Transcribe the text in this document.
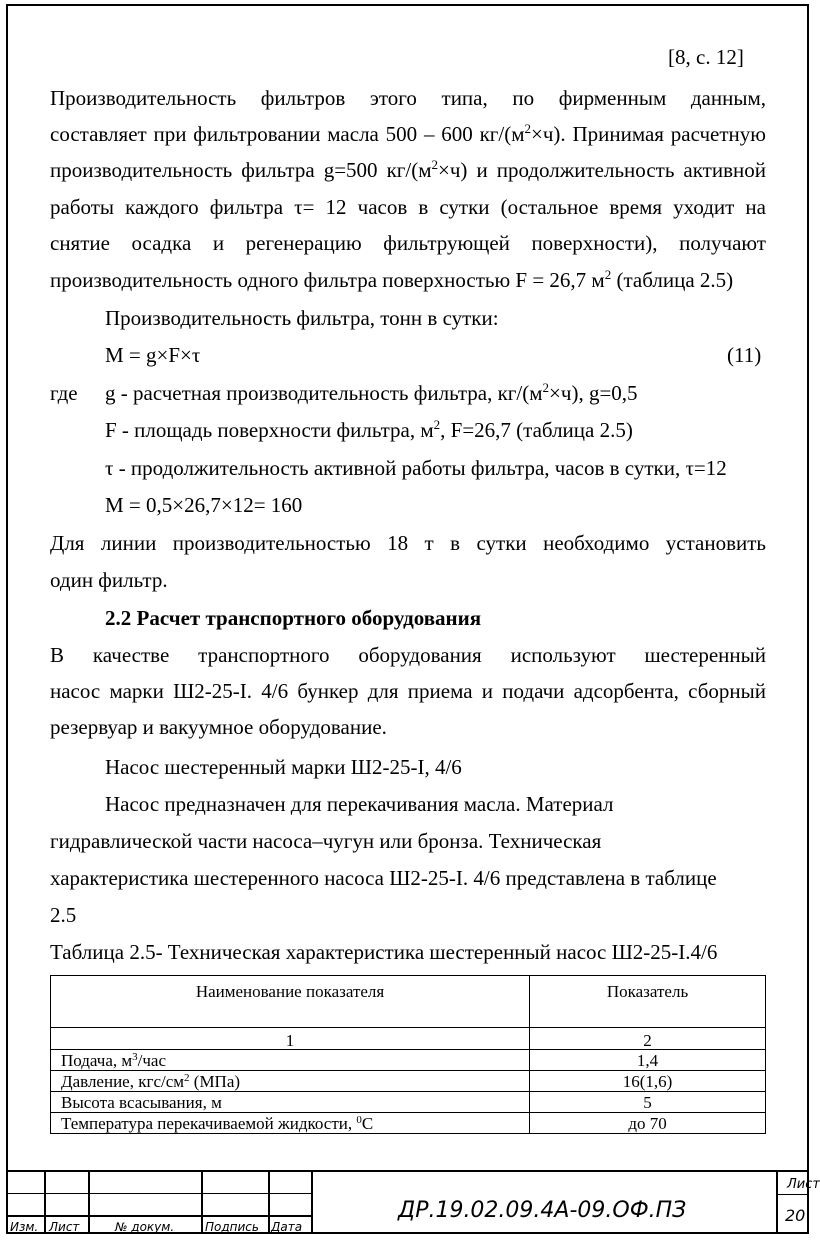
[8, с. 12]
Производительность фильтров этого типа, по фирменным данным,
составляет при фильтровании масла 500 – 600 $кг/(м^2\times ч)$. Принимая расчетную
производительность фильтра g=500 $кг/(м^2\times ч)$ и продолжительность активной
работы каждого фильтра τ= 12 часов в сутки (остальное время уходит на
снятие осадка и регенерацию фильтрующей поверхности), получают
производительность одного фильтра поверхностью F = 26,7 $м^2$ (таблица 2.5)
Производительность фильтра, тонн в сутки:
M = g×F×τ	(11)
где g - расчетная производительность фильтра, $кг/(м^2\times ч)$, g=0,5
F - площадь поверхности фильтра, $м^2$, F=26,7 (таблица 2.5)
τ - продолжительность активной работы фильтра, часов в сутки, τ=12
М = 0,5×26,7×12= 160
Для линии производительностью 18 т в сутки необходимо установить
один фильтр.
2.2 Расчет транспортного оборудования
В качестве транспортного оборудования используют шестеренный
насос марки Ш2-25-I. 4/6 бункер для приема и подачи адсорбента, сборный
резервуар и вакуумное оборудование.
Насос шестеренный марки Ш2-25-I, 4/6
Насос предназначен для перекачивания масла. Материал
гидравлической части насоса–чугун или бронза. Техническая
характеристика шестеренного насоса Ш2-25-I. 4/6 представлена в таблице
2.5
Таблица 2.5- Техническая характеристика шестеренный насос Ш2-25-I.4/6
Наименование показателя	Показатель
1	2
Подача, $м^3$/час	1,4
Давление, кгс/$см^2$ (МПа)	16(1,6)
Высота всасывания, м	5
Температура перекачиваемой жидкости, $^0$С	до 70
Изм. Лист	№ докум.	Подпись Дата
ДР.19.02.09.4А-09.ОФ.ПЗ
Лист
20
